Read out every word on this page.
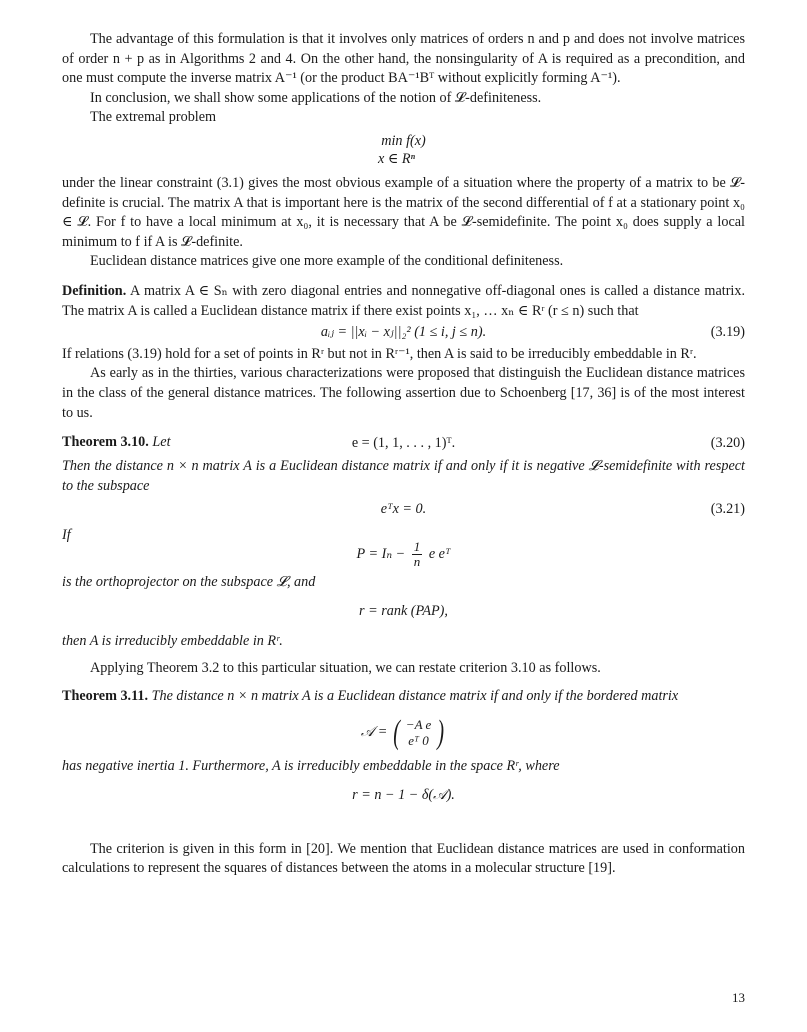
The advantage of this formulation is that it involves only matrices of orders n and p and does not involve matrices of order n + p as in Algorithms 2 and 4. On the other hand, the nonsingularity of A is required as a precondition, and one must compute the inverse matrix A⁻¹ (or the product BA⁻¹Bᵀ without explicitly forming A⁻¹).

In conclusion, we shall show some applications of the notion of 𝓛-definiteness.

The extremal problem

min f(x)
x ∈ Rⁿ

under the linear constraint (3.1) gives the most obvious example of a situation where the property of a matrix to be 𝓛-definite is crucial. The matrix A that is important here is the matrix of the second differential of f at a stationary point x₀ ∈ 𝓛. For f to have a local minimum at x₀, it is necessary that A be 𝓛-semidefinite. The point x₀ does supply a local minimum to f if A is 𝓛-definite.

Euclidean distance matrices give one more example of the conditional definiteness.

Definition. A matrix A ∈ Sₙ with zero diagonal entries and nonnegative off-diagonal ones is called a distance matrix. The matrix A is called a Euclidean distance matrix if there exist points x₁, … xₙ ∈ Rʳ (r ≤ n) such that

aᵢⱼ = ||xᵢ − xⱼ||₂² (1 ≤ i, j ≤ n).	(3.19)

If relations (3.19) hold for a set of points in Rʳ but not in Rʳ⁻¹, then A is said to be irreducibly embeddable in Rʳ.

As early as in the thirties, various characterizations were proposed that distinguish the Euclidean distance matrices in the class of the general distance matrices. The following assertion due to Schoenberg [17, 36] is of the most interest to us.

Theorem 3.10. Let	e = (1, 1, . . . , 1)ᵀ.	(3.20)

Then the distance n × n matrix A is a Euclidean distance matrix if and only if it is negative 𝓛-semidefinite with respect to the subspace

eᵀx = 0.	(3.21)

If

$P = I_n - \frac{1}{n}$ e eᵀ

is the orthoprojector on the subspace 𝓛, and

r = rank (PAP),

then A is irreducibly embeddable in Rʳ.

Applying Theorem 3.2 to this particular situation, we can restate criterion 3.10 as follows.

Theorem 3.11. The distance n × n matrix A is a Euclidean distance matrix if and only if the bordered matrix

𝒜 = ( −A e
eᵀ 0 )

has negative inertia 1. Furthermore, A is irreducibly embeddable in the space Rʳ, where

r = n − 1 − δ(𝒜).

The criterion is given in this form in [20]. We mention that Euclidean distance matrices are used in conformation calculations to represent the squares of distances between the atoms in a molecular structure [19].

13
